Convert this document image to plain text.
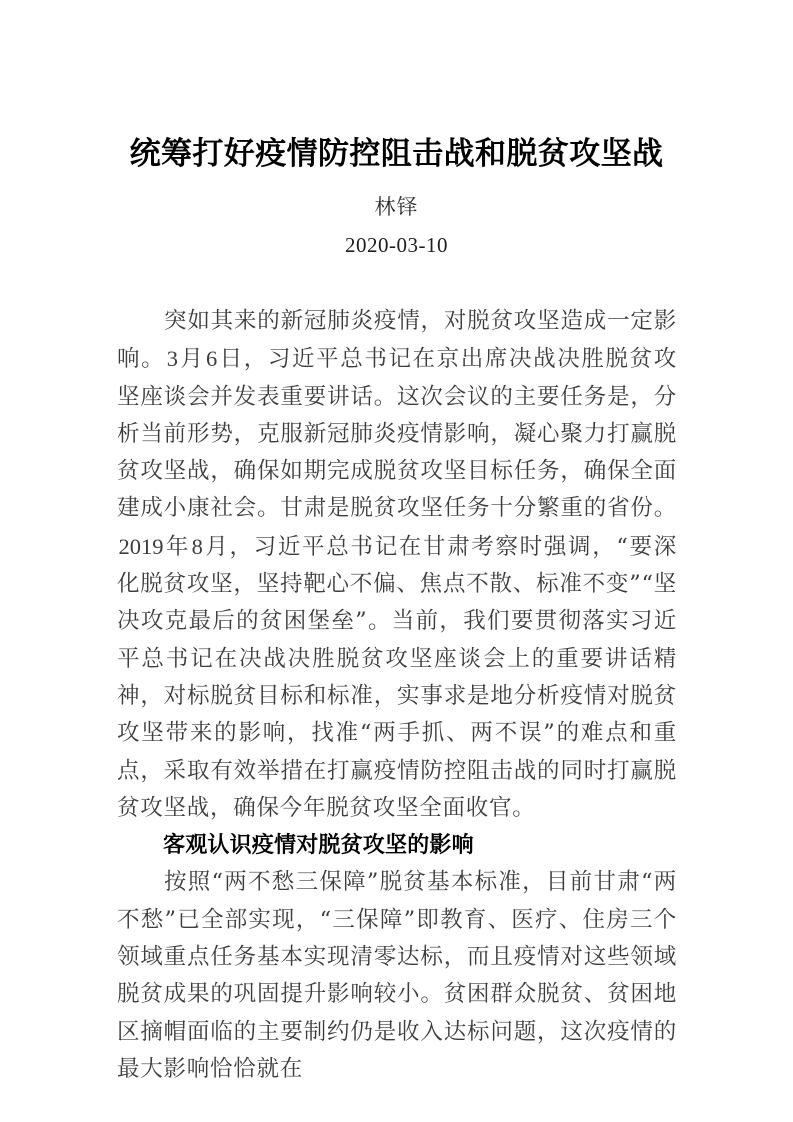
统筹打好疫情防控阻击战和脱贫攻坚战
林铎
2020-03-10

突如其来的新冠肺炎疫情，对脱贫攻坚造成一定影响。3月6日，习近平总书记在京出席决战决胜脱贫攻坚座谈会并发表重要讲话。这次会议的主要任务是，分析当前形势，克服新冠肺炎疫情影响，凝心聚力打赢脱贫攻坚战，确保如期完成脱贫攻坚目标任务，确保全面建成小康社会。甘肃是脱贫攻坚任务十分繁重的省份。2019年8月，习近平总书记在甘肃考察时强调，“要深化脱贫攻坚，坚持靶心不偏、焦点不散、标准不变”“坚决攻克最后的贫困堡垒”。当前，我们要贯彻落实习近平总书记在决战决胜脱贫攻坚座谈会上的重要讲话精神，对标脱贫目标和标准，实事求是地分析疫情对脱贫攻坚带来的影响，找准“两手抓、两不误”的难点和重点，采取有效举措在打赢疫情防控阻击战的同时打赢脱贫攻坚战，确保今年脱贫攻坚全面收官。

客观认识疫情对脱贫攻坚的影响

按照“两不愁三保障”脱贫基本标准，目前甘肃“两不愁”已全部实现，“三保障”即教育、医疗、住房三个领域重点任务基本实现清零达标，而且疫情对这些领域脱贫成果的巩固提升影响较小。贫困群众脱贫、贫困地区摘帽面临的主要制约仍是收入达标问题，这次疫情的最大影响恰恰就在
